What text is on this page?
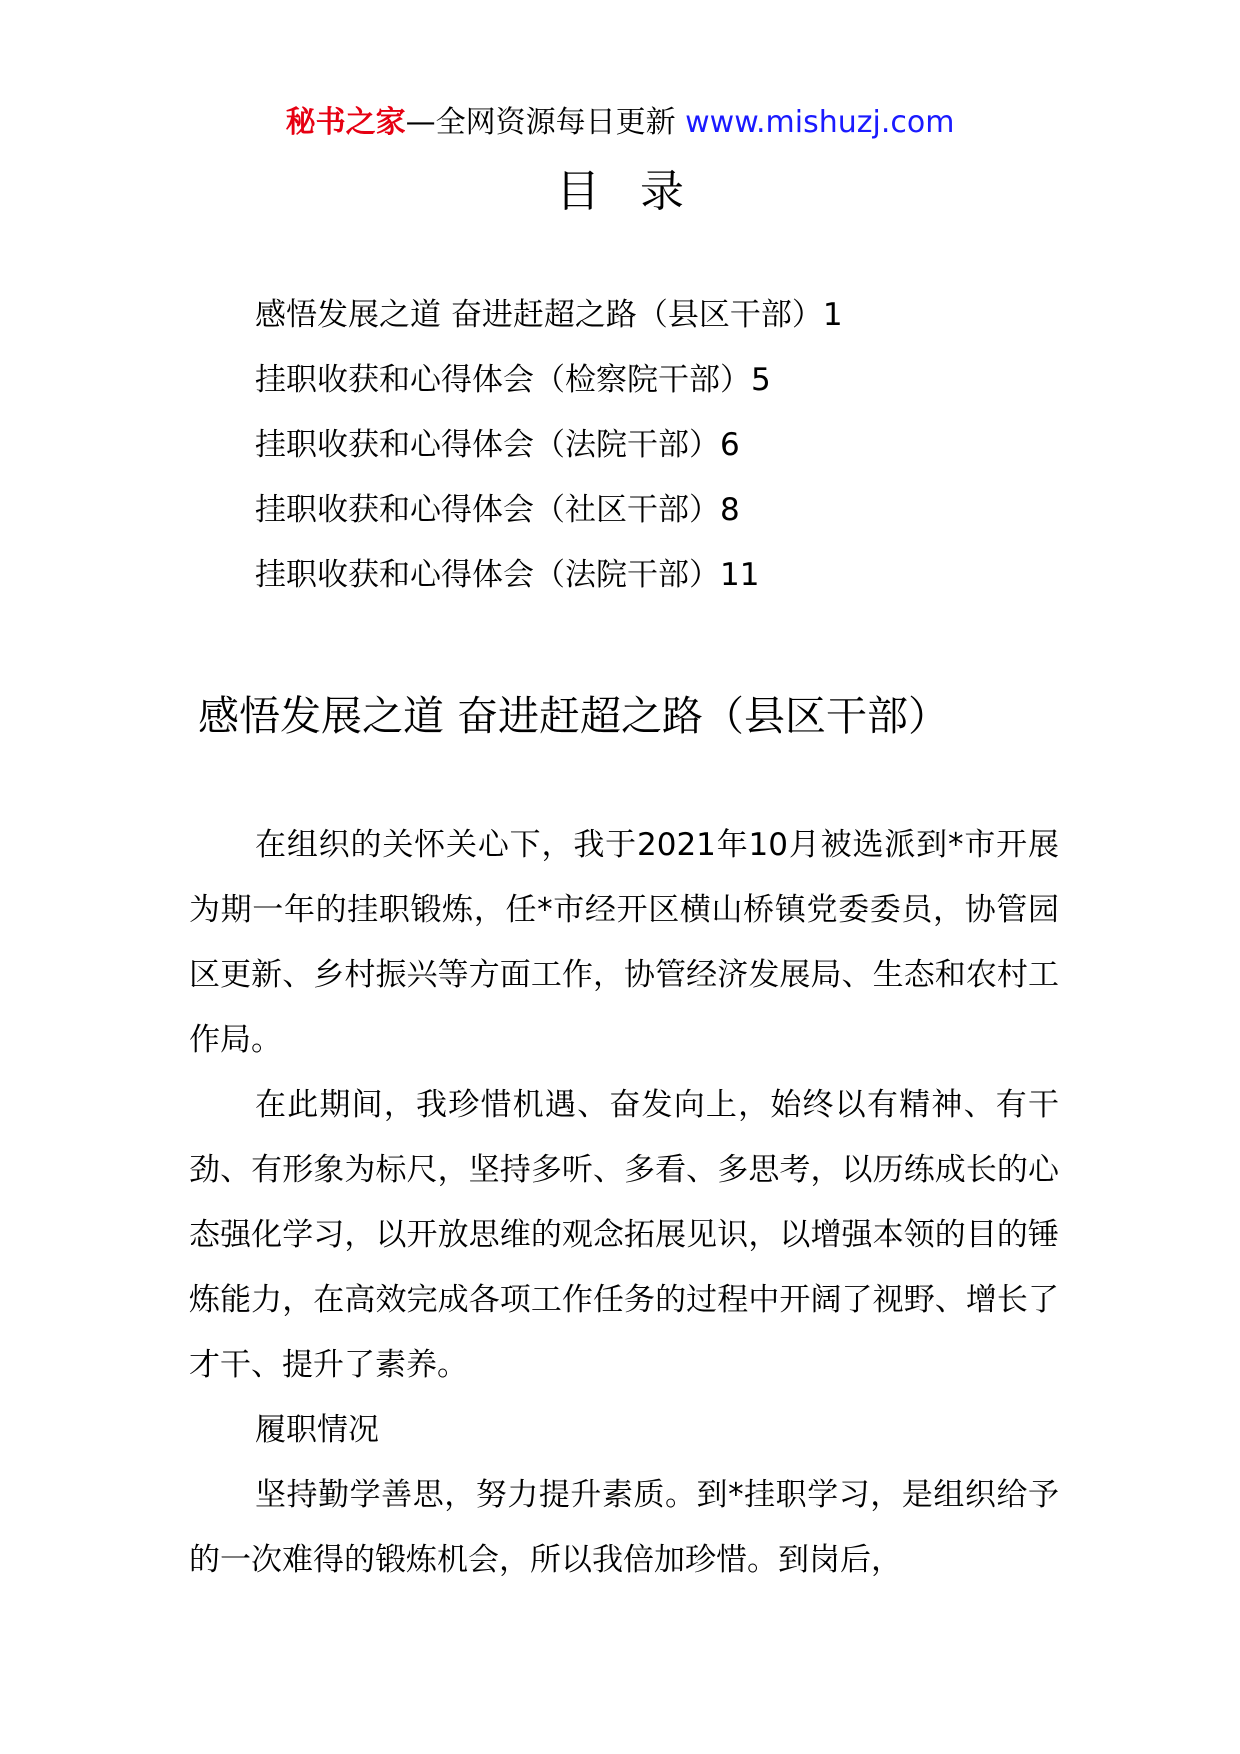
秘书之家—全网资源每日更新 www.mishuzj.com
目录
感悟发展之道 奋进赶超之路（县区干部）1
挂职收获和心得体会（检察院干部）5
挂职收获和心得体会（法院干部）6
挂职收获和心得体会（社区干部）8
挂职收获和心得体会（法院干部）11
感悟发展之道 奋进赶超之路（县区干部）

在组织的关怀关心下，我于2021年10月被选派到*市开展为期一年的挂职锻炼，任*市经开区横山桥镇党委委员，协管园区更新、乡村振兴等方面工作，协管经济发展局、生态和农村工作局。

在此期间，我珍惜机遇、奋发向上，始终以有精神、有干劲、有形象为标尺，坚持多听、多看、多思考，以历练成长的心态强化学习，以开放思维的观念拓展见识，以增强本领的目的锤炼能力，在高效完成各项工作任务的过程中开阔了视野、增长了才干、提升了素养。

履职情况

坚持勤学善思，努力提升素质。到*挂职学习，是组织给予的一次难得的锻炼机会，所以我倍加珍惜。到岗后，
